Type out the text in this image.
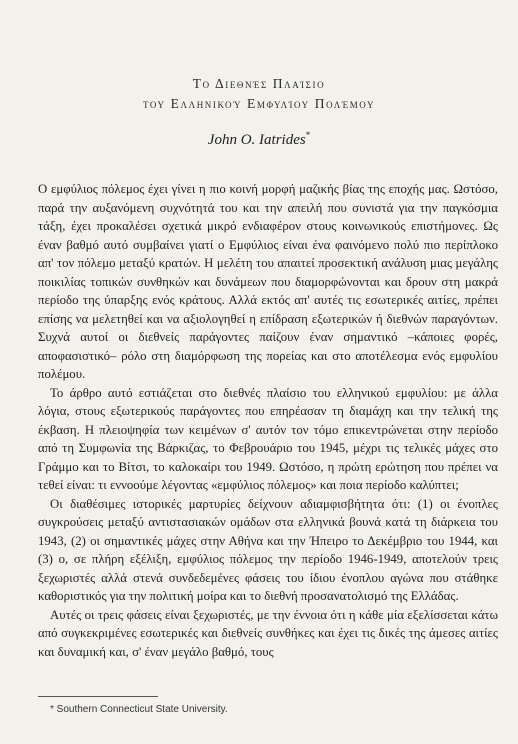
Το Διεθνές Πλαίσιο
του Ελληνικού Εμφυλίου Πολέμου
John O. Iatrides*

Ο εμφύλιος πόλεμος έχει γίνει η πιο κοινή μορφή μαζικής βίας της εποχής μας. Ωστόσο, παρά την αυξανόμενη συχνότητά του και την απειλή που συνιστά για την παγκόσμια τάξη, έχει προκαλέσει σχετικά μικρό ενδιαφέρον στους κοινωνικούς επιστήμονες. Ως έναν βαθμό αυτό συμβαίνει γιατί ο Εμφύλιος είναι ένα φαινόμενο πολύ πιο περίπλοκο απ' τον πόλεμο μεταξύ κρατών. Η μελέτη του απαιτεί προσεκτική ανάλυση μιας μεγάλης ποικιλίας τοπικών συνθηκών και δυνάμεων που διαμορφώνονται και δρουν στη μακρά περίοδο της ύπαρξης ενός κράτους. Αλλά εκτός απ' αυτές τις εσωτερικές αιτίες, πρέπει επίσης να μελετηθεί και να αξιολογηθεί η επίδραση εξωτερικών ή διεθνών παραγόντων. Συχνά αυτοί οι διεθνείς παράγοντες παίζουν έναν σημαντικό –κάποιες φορές, αποφασιστικό– ρόλο στη διαμόρφωση της πορείας και στο αποτέλεσμα ενός εμφυλίου πολέμου.

Το άρθρο αυτό εστιάζεται στο διεθνές πλαίσιο του ελληνικού εμφυλίου: με άλλα λόγια, στους εξωτερικούς παράγοντες που επηρέασαν τη διαμάχη και την τελική της έκβαση. Η πλειοψηφία των κειμένων σ' αυτόν τον τόμο επικεντρώνεται στην περίοδο από τη Συμφωνία της Βάρκιζας, το Φεβρουάριο του 1945, μέχρι τις τελικές μάχες στο Γράμμο και το Βίτσι, το καλοκαίρι του 1949. Ωστόσο, η πρώτη ερώτηση που πρέπει να τεθεί είναι: τι εννοούμε λέγοντας «εμφύλιος πόλεμος» και ποια περίοδο καλύπτει;

Οι διαθέσιμες ιστορικές μαρτυρίες δείχνουν αδιαμφισβήτητα ότι: (1) οι ένοπλες συγκρούσεις μεταξύ αντιστασιακών ομάδων στα ελληνικά βουνά κατά τη διάρκεια του 1943, (2) οι σημαντικές μάχες στην Αθήνα και την Ήπειρο το Δεκέμβριο του 1944, και (3) ο, σε πλήρη εξέλιξη, εμφύλιος πόλεμος την περίοδο 1946-1949, αποτελούν τρεις ξεχωριστές αλλά στενά συνδεδεμένες φάσεις του ίδιου ένοπλου αγώνα που στάθηκε καθοριστικός για την πολιτική μοίρα και το διεθνή προσανατολισμό της Ελλάδας.

Αυτές οι τρεις φάσεις είναι ξεχωριστές, με την έννοια ότι η κάθε μία εξελίσσεται κάτω από συγκεκριμένες εσωτερικές και διεθνείς συνθήκες και έχει τις δικές της άμεσες αιτίες και δυναμική και, σ' έναν μεγάλο βαθμό, τους

* Southern Connecticut State University.
